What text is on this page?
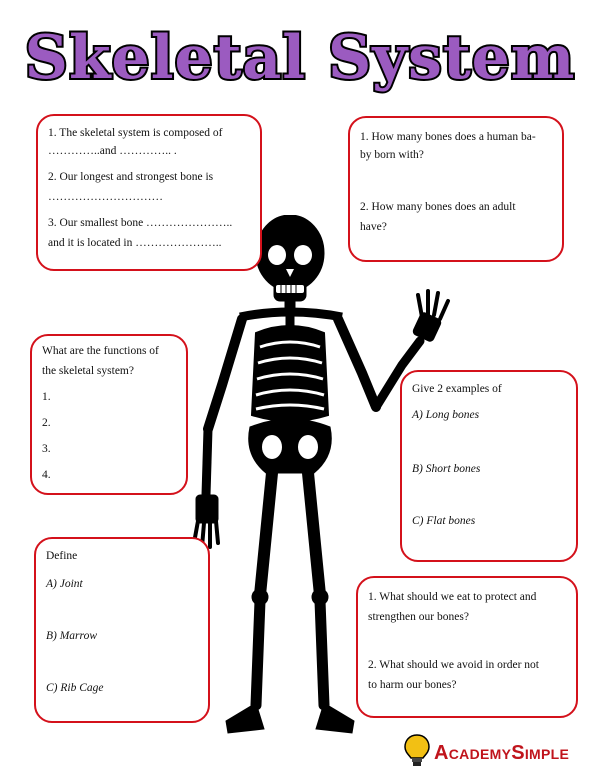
Skeletal System

1. The skeletal system is composed of

…………..and ………….. .

2. Our longest and strongest bone is

…………………………

3. Our smallest bone …………………..

and it is located in …………………..

1. How many bones does a human ba-

by born with?

2. How many bones does an adult

have?

What are the functions of

the skeletal system?

1.

2.

3.

4.

Give 2 examples of

A) Long bones

B) Short bones

C) Flat bones

Define

A) Joint

B) Marrow

C) Rib Cage

1. What should we eat to protect and

strengthen our bones?

2. What should we avoid in order not

to harm our bones?

AcademySimple
